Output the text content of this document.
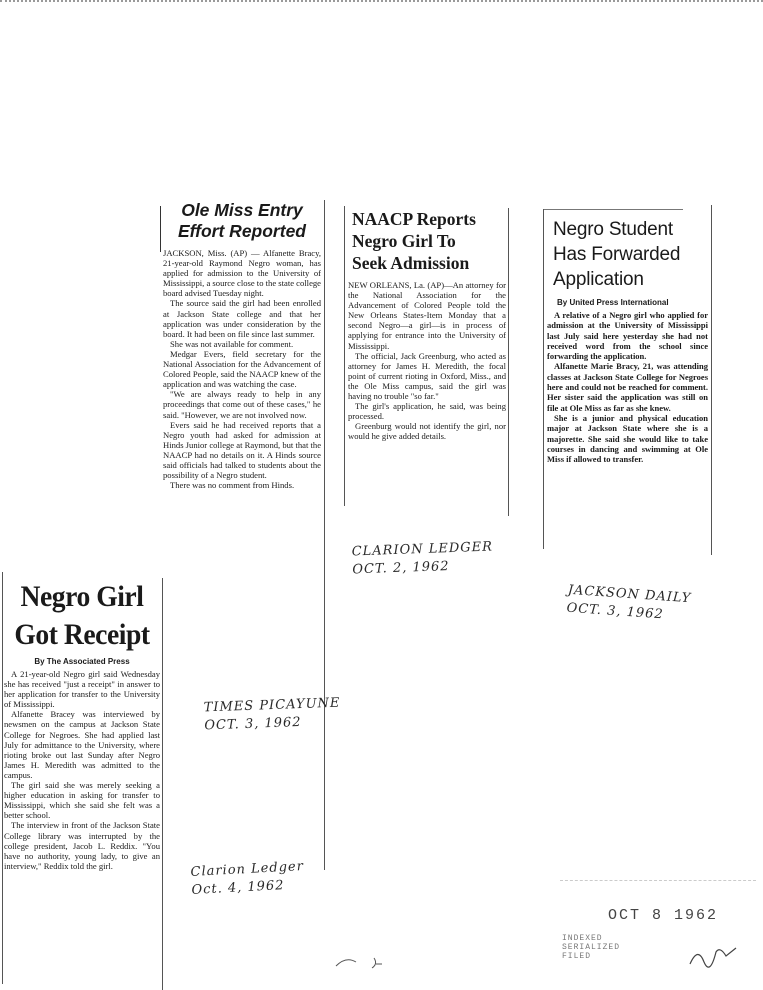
Ole Miss Entry
Effort Reported

JACKSON, Miss. (AP) — Alfanette Bracy, 21-year-old Raymond Negro woman, has applied for admission to the University of Mississippi, a source close to the state college board advised Tuesday night.

The source said the girl had been enrolled at Jackson State college and that her application was under consideration by the board. It had been on file since last summer.

She was not available for comment.

Medgar Evers, field secretary for the National Association for the Advancement of Colored People, said the NAACP knew of the application and was watching the case.

"We are always ready to help in any proceedings that come out of these cases," he said. "However, we are not involved now.

Evers said he had received reports that a Negro youth had asked for admission at Hinds Junior college at Raymond, but that the NAACP had no details on it. A Hinds source said officials had talked to students about the possibility of a Negro student.

There was no comment from Hinds.

NAACP Reports
Negro Girl To
Seek Admission

NEW ORLEANS, La. (AP)—An attorney for the National Association for the Advancement of Colored People told the New Orleans States-Item Monday that a second Negro—a girl—is in process of applying for entrance into the University of Mississippi.

The official, Jack Greenburg, who acted as attorney for James H. Meredith, the focal point of current rioting in Oxford, Miss., and the Ole Miss campus, said the girl was having no trouble "so far."

The girl's application, he said, was being processed.

Greenburg would not identify the girl, nor would he give added details.

Negro Student
Has Forwarded
Application
By United Press International

A relative of a Negro girl who applied for admission at the University of Mississippi last July said here yesterday she had not received word from the school since forwarding the application.

Alfanette Marie Bracy, 21, was attending classes at Jackson State College for Negroes here and could not be reached for comment. Her sister said the application was still on file at Ole Miss as far as she knew.

She is a junior and physical education major at Jackson State where she is a majorette. She said she would like to take courses in dancing and swimming at Ole Miss if allowed to transfer.

Negro Girl
Got Receipt
By The Associated Press

A 21-year-old Negro girl said Wednesday she has received "just a receipt" in answer to her application for transfer to the University of Mississippi.

Alfanette Bracey was interviewed by newsmen on the campus at Jackson State College for Negroes. She had applied last July for admittance to the University, where rioting broke out last Sunday after Negro James H. Meredith was admitted to the campus.

The girl said she was merely seeking a higher education in asking for transfer to Mississippi, which she said she felt was a better school.

The interview in front of the Jackson State College library was interrupted by the college president, Jacob L. Reddix. "You have no authority, young lady, to give an interview," Reddix told the girl.

CLARION LEDGER
OCT. 2, 1962
TIMES PICAYUNE
OCT. 3, 1962
JACKSON DAILY
OCT. 3, 1962
Clarion Ledger
Oct. 4, 1962
OCT 8 1962
INDEXED
SERIALIZED
FILED
